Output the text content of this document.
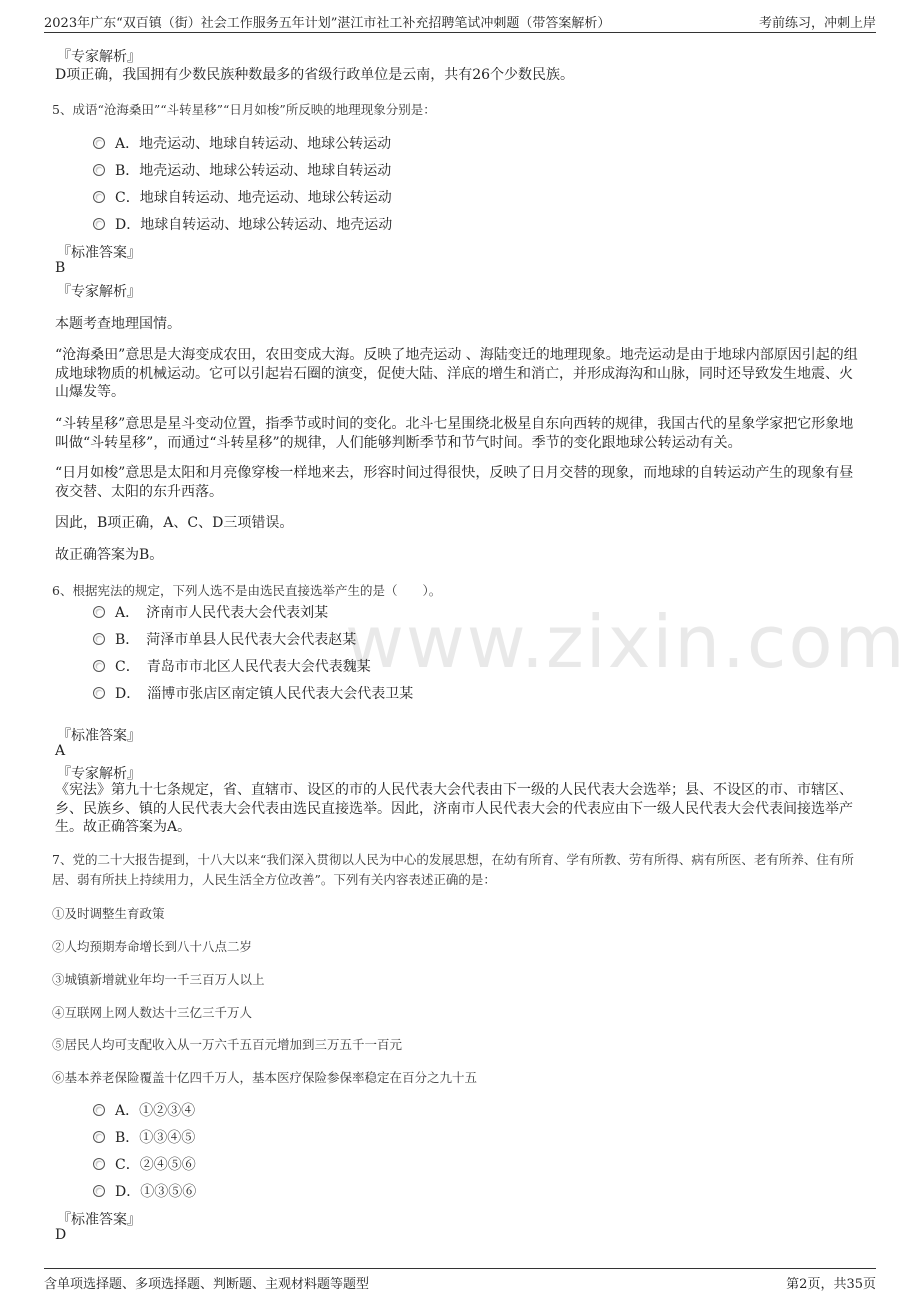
2023年广东“双百镇（街）社会工作服务五年计划”湛江市社工补充招聘笔试冲刺题（带答案解析）	考前练习，冲刺上岸
www.zixin.com
『专家解析』
D项正确，我国拥有少数民族种数最多的省级行政单位是云南，共有26个少数民族。
5、成语“沧海桑田”“斗转星移”“日月如梭”所反映的地理现象分别是：
A．地壳运动、地球自转运动、地球公转运动
B．地壳运动、地球公转运动、地球自转运动
C．地球自转运动、地壳运动、地球公转运动
D．地球自转运动、地球公转运动、地壳运动
『标准答案』
B
『专家解析』
本题考查地理国情。
“沧海桑田”意思是大海变成农田，农田变成大海。反映了地壳运动 、海陆变迁的地理现象。地壳运动是由于地球内部原因引起的组成地球物质的机械运动。它可以引起岩石圈的演变，促使大陆、洋底的增生和消亡，并形成海沟和山脉，同时还导致发生地震、火山爆发等。
“斗转星移”意思是星斗变动位置，指季节或时间的变化。北斗七星围绕北极星自东向西转的规律，我国古代的星象学家把它形象地叫做“斗转星移”，而通过“斗转星移”的规律，人们能够判断季节和节气时间。季节的变化跟地球公转运动有关。
“日月如梭”意思是太阳和月亮像穿梭一样地来去，形容时间过得很快，反映了日月交替的现象，而地球的自转运动产生的现象有昼夜交替、太阳的东升西落。
因此，B项正确，A、C、D三项错误。
故正确答案为B。
6、根据宪法的规定，下列人选不是由选民直接选举产生的是（　　）。
A．　济南市人民代表大会代表刘某
B．　菏泽市单县人民代表大会代表赵某
C．　青岛市市北区人民代表大会代表魏某
D．　淄博市张店区南定镇人民代表大会代表卫某
『标准答案』
A
『专家解析』
《宪法》第九十七条规定，省、直辖市、设区的市的人民代表大会代表由下一级的人民代表大会选举；县、不设区的市、市辖区、乡、民族乡、镇的人民代表大会代表由选民直接选举。因此，济南市人民代表大会的代表应由下一级人民代表大会代表间接选举产生。故正确答案为A。
7、党的二十大报告提到，十八大以来“我们深入贯彻以人民为中心的发展思想，在幼有所育、学有所教、劳有所得、病有所医、老有所养、住有所居、弱有所扶上持续用力，人民生活全方位改善”。下列有关内容表述正确的是：
①及时调整生育政策
②人均预期寿命增长到八十八点二岁
③城镇新增就业年均一千三百万人以上
④互联网上网人数达十三亿三千万人
⑤居民人均可支配收入从一万六千五百元增加到三万五千一百元
⑥基本养老保险覆盖十亿四千万人，基本医疗保险参保率稳定在百分之九十五
A．①②③④
B．①③④⑤
C．②④⑤⑥
D．①③⑤⑥
『标准答案』
D
含单项选择题、多项选择题、判断题、主观材料题等题型	第2页，共35页
